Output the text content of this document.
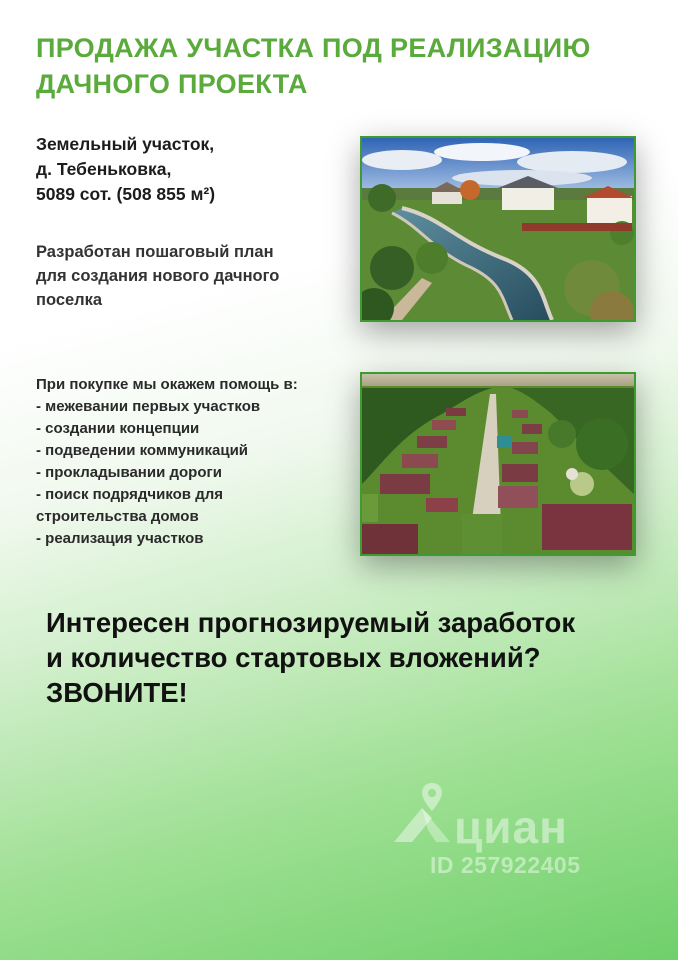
ПРОДАЖА УЧАСТКА ПОД РЕАЛИЗАЦИЮ
ДАЧНОГО ПРОЕКТА

Земельный участок,
д. Тебеньковка,
5089 сот. (508 855 м²)

Разработан пошаговый план
для создания нового дачного
поселка

При покупке мы окажем помощь в:
- межевании первых участков
- создании концепции
- подведении коммуникаций
- прокладывании дороги
- поиск подрядчиков для
строительства домов
- реализация участков

Интересен прогнозируемый заработок
и количество стартовых вложений?
ЗВОНИТЕ!

циан
ID 257922405
